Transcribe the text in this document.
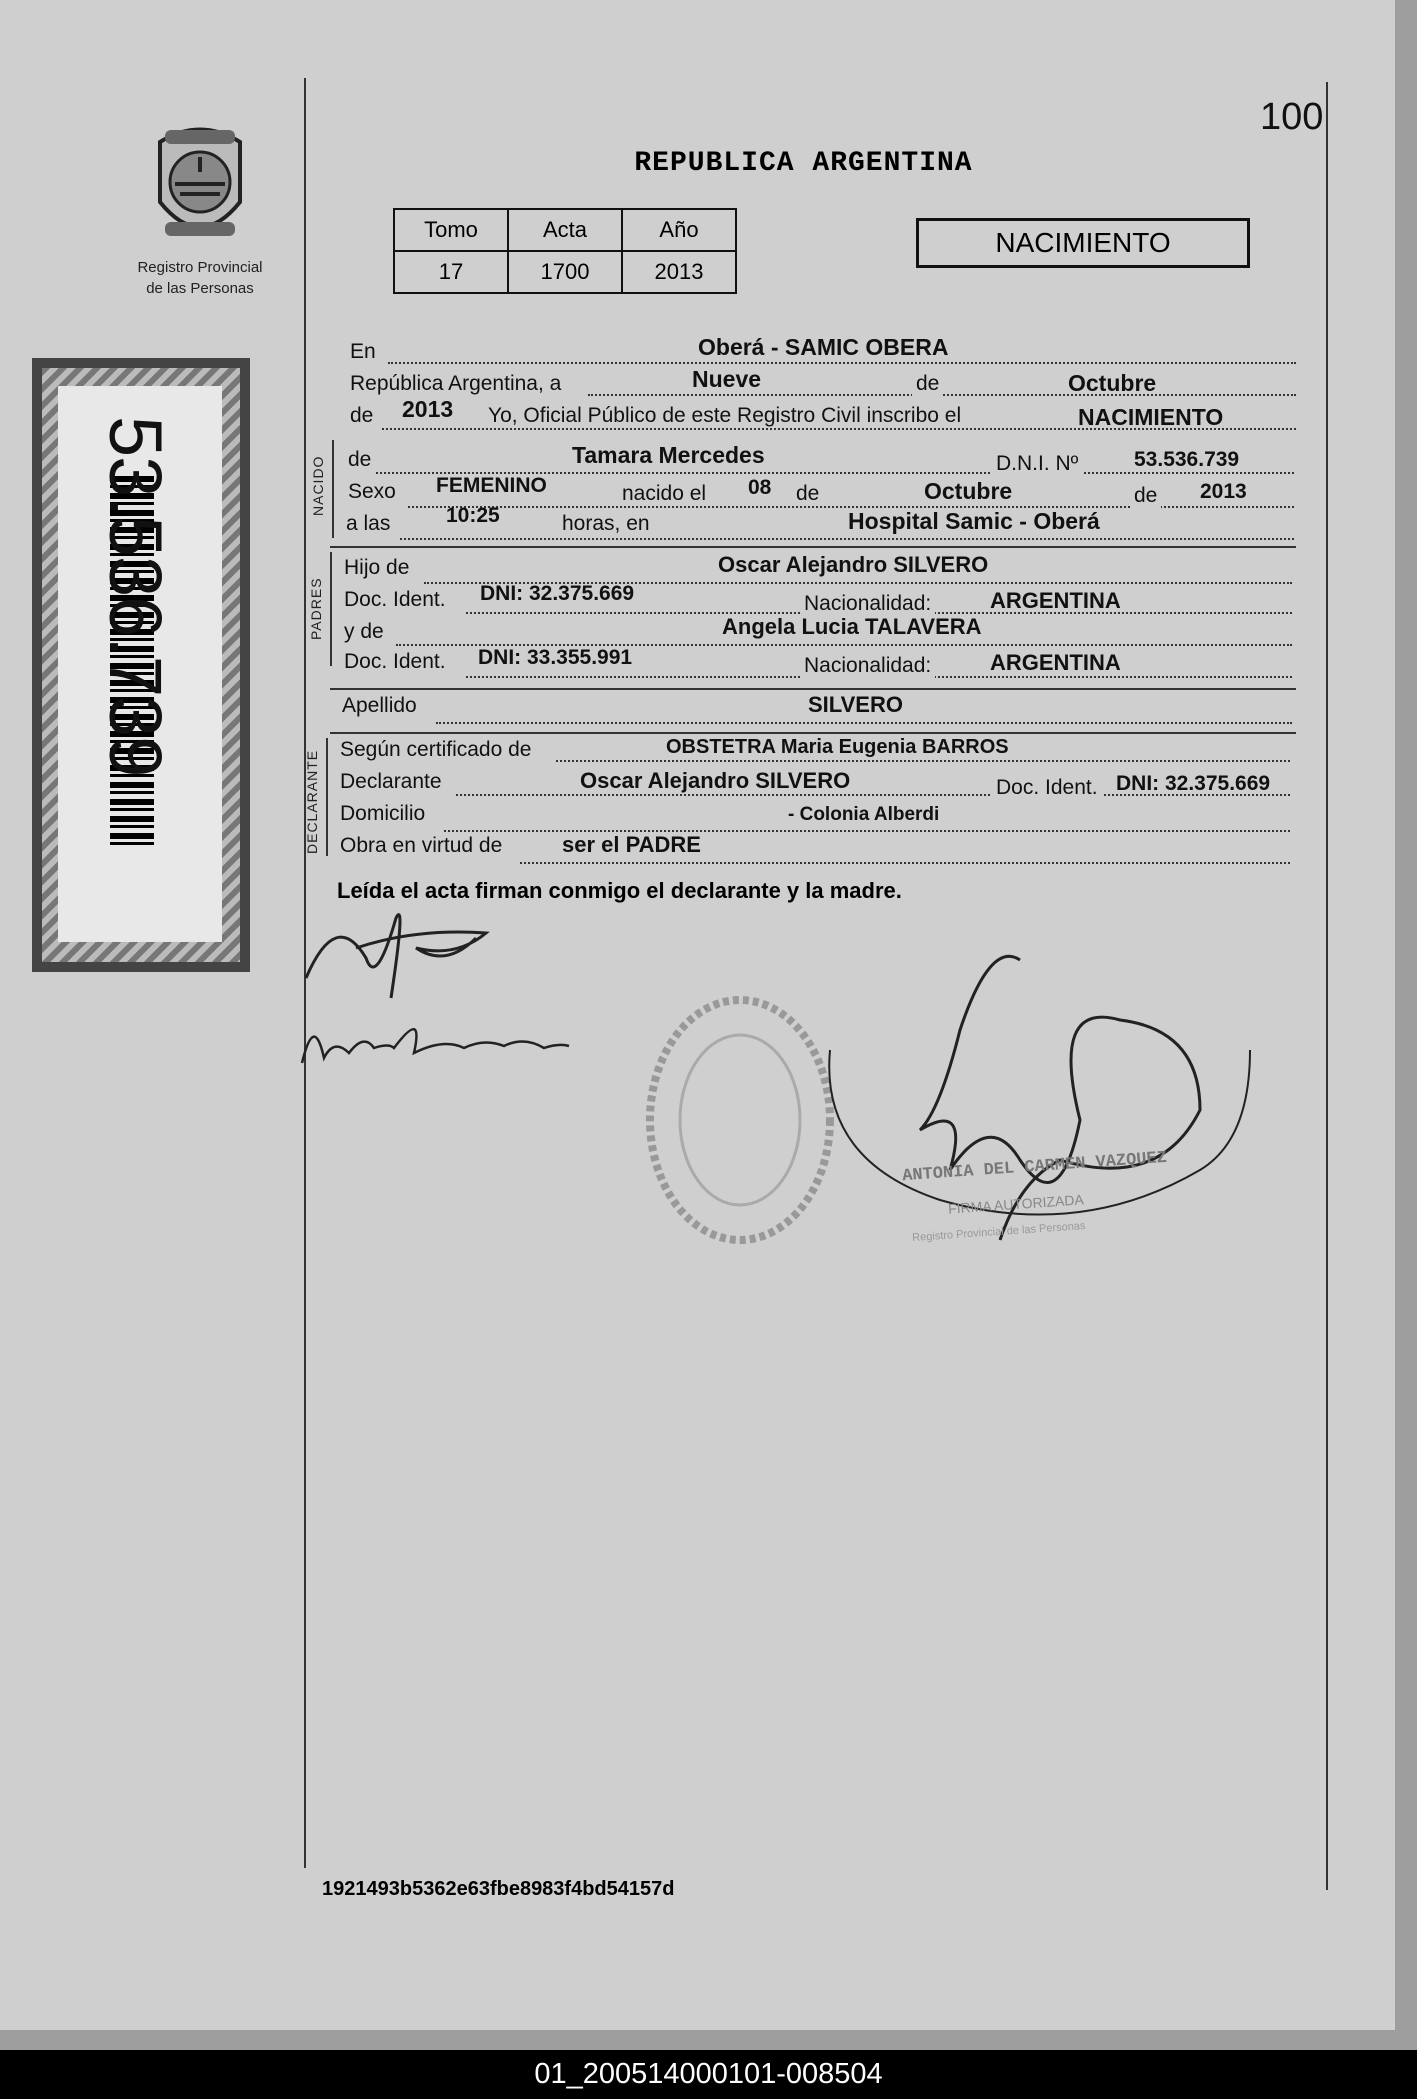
100
Registro Provincial
de las Personas
53.536.739
REPUBLICA ARGENTINA
Tomo	Acta	Año
17	1700	2013
NACIMIENTO
En	Oberá - SAMIC OBERA
República Argentina, a	Nueve	de	Octubre
de 2013 Yo, Oficial Público de este Registro Civil inscribo el	NACIMIENTO
NACIDO de	Tamara Mercedes	D.N.I. Nº	53.536.739
Sexo FEMENINO	nacido el 08 de	Octubre	de 2013
a las	10:25	horas, en	Hospital Samic - Oberá
PADRES
Hijo de	Oscar Alejandro SILVERO
Doc. Ident. DNI: 32.375.669	Nacionalidad:	ARGENTINA
y de	Angela Lucia TALAVERA
Doc. Ident. DNI: 33.355.991	Nacionalidad:	ARGENTINA
Apellido	SILVERO
DECLARANTE
Según certificado de	OBSTETRA Maria Eugenia BARROS
Declarante	Oscar Alejandro SILVERO	Doc. Ident. DNI: 32.375.669
Domicilio	- Colonia Alberdi
Obra en virtud de	ser el PADRE
Leída el acta firman conmigo el declarante y la madre.
ANTONIA DEL CARMEN VAZQUEZ
FIRMA AUTORIZADA
Registro Provincial de las Personas
1921493b5362e63fbe8983f4bd54157d
01_200514000101-008504
